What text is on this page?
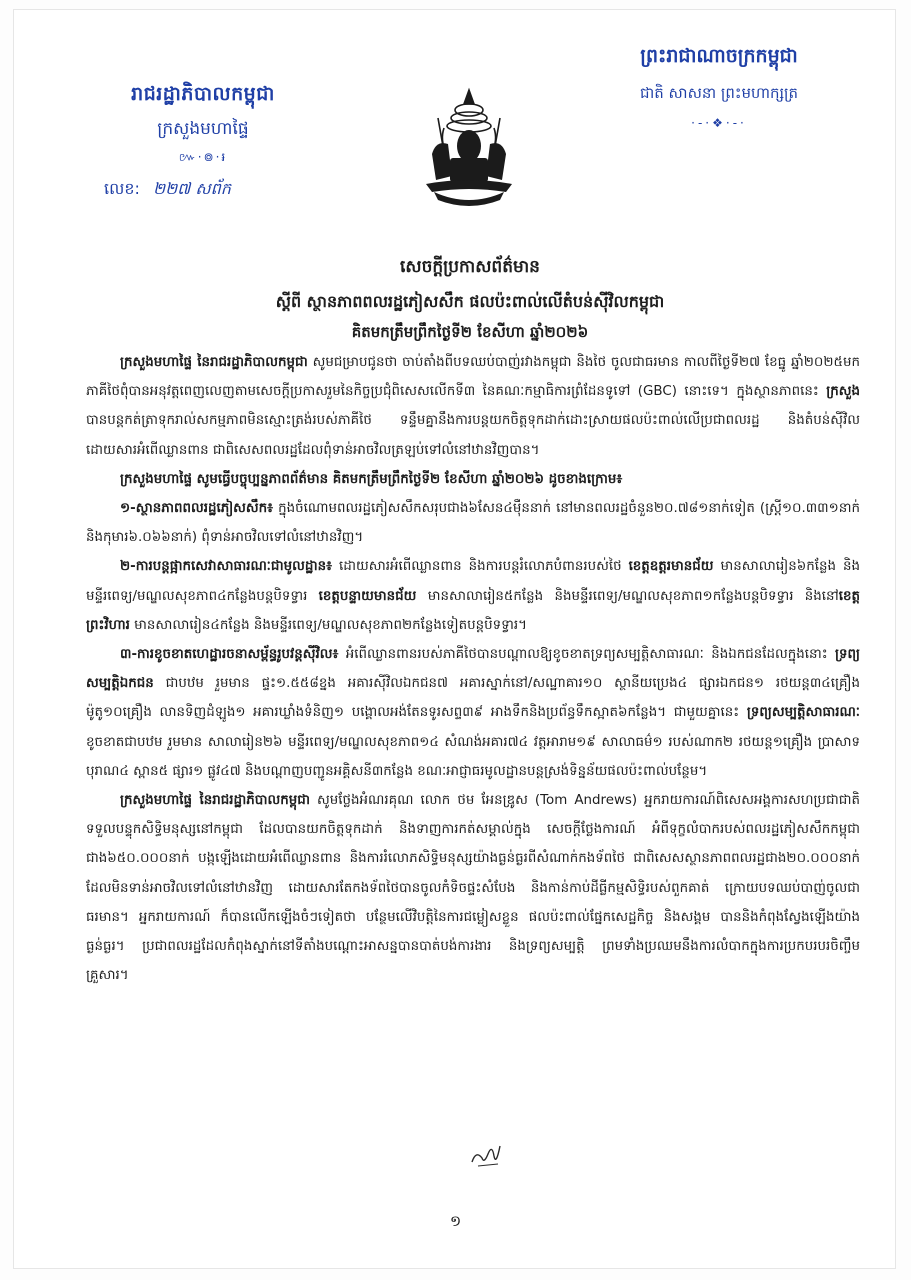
រាជរដ្ឋាភិបាលកម្ពុជា
ក្រសួងមហាផ្ទៃ
៚·៙·៛
លេខ: ២២៧ សព័ក
ព្រះរាជាណាចក្រកម្ពុជា
ជាតិ សាសនា ព្រះមហាក្សត្រ
·-·❖·-·
សេចក្តីប្រកាសព័ត៌មាន
ស្តីពី ស្ថានភាពពលរដ្ឋភៀសសឹក ផលប៉ះពាល់លើតំបន់ស៊ីវិលកម្ពុជា
គិតមកត្រឹមព្រឹកថ្ងៃទី២ ខែសីហា ឆ្នាំ២០២៦

ក្រសួងមហាផ្ទៃ នៃរាជរដ្ឋាភិបាលកម្ពុជា សូមជម្រាបជូនថា ចាប់តាំងពីបទឈប់បាញ់រវាងកម្ពុជា និងថៃ ចូលជាធរមាន កាលពីថ្ងៃទី២៧ ខែធ្នូ ឆ្នាំ២០២៥មក ភាគីថៃពុំបានអនុវត្តពេញលេញតាមសេចក្តីប្រកាសរួមនៃកិច្ចប្រជុំពិសេសលើកទី៣ នៃគណៈកម្មាធិការព្រំដែនទូទៅ (GBC) នោះទេ។ ក្នុងស្ថានភាពនេះ ក្រសួង បានបន្តកត់ត្រាទុករាល់សកម្មភាពមិនស្មោះត្រង់របស់ភាគីថៃ ទន្ទឹមគ្នានឹងការបន្តយកចិត្តទុកដាក់ដោះស្រាយផលប៉ះពាល់លើប្រជាពលរដ្ឋ និងតំបន់ស៊ីវិល ដោយសារអំពើឈ្លានពាន ជាពិសេសពលរដ្ឋដែលពុំទាន់អាចវិលត្រឡប់ទៅលំនៅឋានវិញបាន។

ក្រសួងមហាផ្ទៃ សូមធ្វើបច្ចុប្បន្នភាពព័ត៌មាន គិតមកត្រឹមព្រឹកថ្ងៃទី២ ខែសីហា ឆ្នាំ២០២៦ ដូចខាងក្រោម៖

១-ស្ថានភាពពលរដ្ឋភៀសសឹក៖ ក្នុងចំណោមពលរដ្ឋភៀសសឹកសរុបជាង៦សែន៤ម៉ឺននាក់ នៅមានពលរដ្ឋចំនួន២០.៧៨១នាក់ទៀត (ស្ត្រី១០.៣៣១នាក់ និងកុមារ៦.០៦៦នាក់) ពុំទាន់អាចវិលទៅលំនៅឋានវិញ។

២-ការបន្តផ្អាកសេវាសាធារណៈជាមូលដ្ឋាន៖ ដោយសារអំពើឈ្លានពាន និងការបន្តរំលោភបំពានរបស់ថៃ ខេត្តឧត្តរមានជ័យ មានសាលារៀន៦កន្លែង និងមន្ទីរពេទ្យ/មណ្ឌលសុខភាព៤កន្លែងបន្តបិទទ្វារ ខេត្តបន្ទាយមានជ័យ មានសាលារៀន៥កន្លែង និងមន្ទីរពេទ្យ/មណ្ឌលសុខភាព១កន្លែងបន្តបិទទ្វារ និងនៅខេត្តព្រះវិហារ មានសាលារៀន៤កន្លែង និងមន្ទីរពេទ្យ/មណ្ឌលសុខភាព២កន្លែងទៀតបន្តបិទទ្វារ។

៣-ការខូចខាតហេដ្ឋារចនាសម្ព័ន្ធរូបវន្តស៊ីវិល៖ អំពើឈ្លានពានរបស់ភាគីថៃបានបណ្តាលឱ្យខូចខាតទ្រព្យសម្បត្តិសាធារណៈ និងឯកជនដែលក្នុងនោះ ទ្រព្យសម្បត្តិឯកជន ជាបឋម រួមមាន ផ្ទះ១.៥៥៨ខ្នង អគារស៊ីវិលឯកជន៧ អគារស្នាក់នៅ/សណ្ឋាគារ១០ ស្ថានីយប្រេង៤ ផ្សារឯកជន១ រថយន្ត៣៤គ្រឿង ម៉ូតូ១០គ្រឿង លានទិញដំឡូង១ អគារឃ្លាំងទំនិញ១ បង្គោលអង់តែនទូរសព្ទ៣៩ អាងទឹកនិងប្រព័ន្ធទឹកស្អាត៦កន្លែង។ ជាមួយគ្នានេះ ទ្រព្យសម្បត្តិសាធារណៈ ខូចខាតជាបឋម រួមមាន សាលារៀន២៦ មន្ទីរពេទ្យ/មណ្ឌលសុខភាព១៤ សំណង់អគារ៧៤ វត្តអារាម១៩ សាលាធម៌១ របស់ណាក២ រថយន្ត១គ្រឿង ប្រាសាទបុរាណ៤ ស្ពាន៥ ផ្សារ១ ផ្លូវ៤៧ និងបណ្តាញបញ្ជូនអគ្គិសនី៣កន្លែង ខណៈអាជ្ញាធរមូលដ្ឋានបន្តស្រង់ទិន្នន័យផលប៉ះពាល់បន្ថែម។

ក្រសួងមហាផ្ទៃ នៃរាជរដ្ឋាភិបាលកម្ពុជា សូមថ្លែងអំណរគុណ លោក ថម អែនឌ្រូស (Tom Andrews) អ្នករាយការណ៍ពិសេសអង្គការសហប្រជាជាតិ ទទួលបន្ទុកសិទ្ធិមនុស្សនៅកម្ពុជា ដែលបានយកចិត្តទុកដាក់ និងទាញការកត់សម្គាល់ក្នុង សេចក្តីថ្លែងការណ៍ អំពីទុក្ខលំបាករបស់ពលរដ្ឋភៀសសឹកកម្ពុជា ជាង៦៥០.០០០នាក់ បង្កឡើងដោយអំពើឈ្លានពាន និងការរំលោភសិទ្ធិមនុស្សយ៉ាងធ្ងន់ធ្ងរពីសំណាក់កងទ័ពថៃ ជាពិសេសស្ថានភាពពលរដ្ឋជាង២០.០០០នាក់ ដែលមិនទាន់អាចវិលទៅលំនៅឋានវិញ ដោយសារតែកងទ័ពថៃបានចូលកំទិចផ្ទះសំបែង និងកាន់កាប់ដីធ្លីកម្មសិទ្ធិរបស់ពួកគាត់ ក្រោយបទឈប់បាញ់ចូលជាធរមាន។ អ្នករាយការណ៍ ក៏បានលើកឡើងចំៗទៀតថា បន្ថែមលើវិបត្តិនៃការជម្លៀសខ្លួន ផលប៉ះពាល់ផ្នែកសេដ្ឋកិច្ច និងសង្គម បាននិងកំពុងស្វែងឡើងយ៉ាងធ្ងន់ធ្ងរ។ ប្រជាពលរដ្ឋដែលកំពុងស្នាក់នៅទីតាំងបណ្តោះអាសន្នបានបាត់បង់ការងារ និងទ្រព្យសម្បត្តិ ព្រមទាំងប្រឈមនឹងការលំបាកក្នុងការប្រកបរបរចិញ្ចឹមគ្រួសារ។

១
